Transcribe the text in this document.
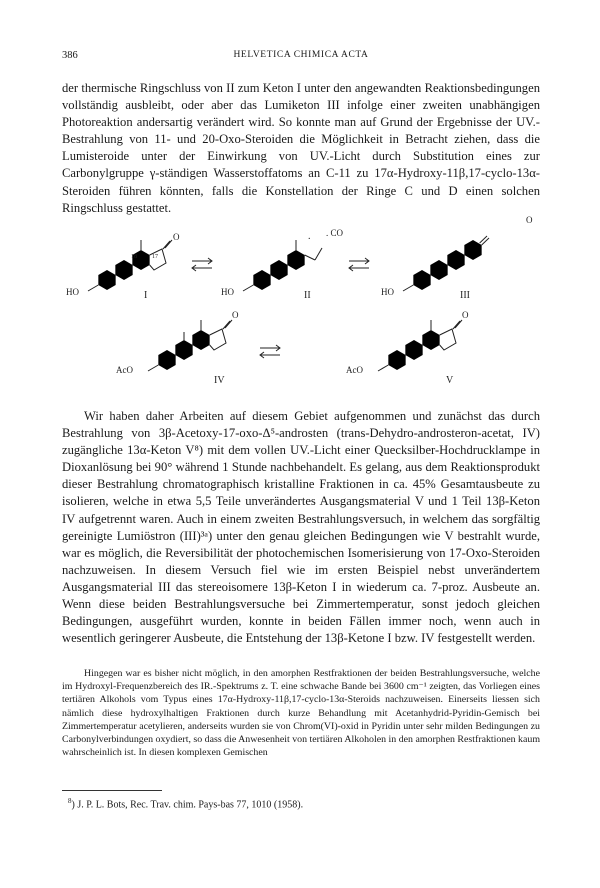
386	HELVETICA CHIMICA ACTA

der thermische Ringschluss von II zum Keton I unter den angewandten Reaktionsbedingungen vollständig ausbleibt, oder aber das Lumiketon III infolge einer zweiten unabhängigen Photoreaktion andersartig verändert wird. So konnte man auf Grund der Ergebnisse der UV.-Bestrahlung von 11- und 20-Oxo-Steroiden die Möglichkeit in Betracht ziehen, dass die Lumisteroide unter der Einwirkung von UV.-Licht durch Substitution eines zur Carbonylgruppe γ-ständigen Wasserstoffatoms an C-11 zu 17α-Hydroxy-11β,17-cyclo-13α-Steroiden führen könnten, falls die Konstellation der Ringe C und D einen solchen Ringschluss gestattet.

HO
O
18	17
I	HO
. CO
.
II	HO
O
III
AcO
O
IV
AcO
O
V

Wir haben daher Arbeiten auf diesem Gebiet aufgenommen und zunächst das durch Bestrahlung von 3β-Acetoxy-17-oxo-Δ⁵-androsten (trans-Dehydro-androsteron-acetat, IV) zugängliche 13α-Keton V⁸) mit dem vollen UV.-Licht einer Quecksilber-Hochdrucklampe in Dioxanlösung bei 90° während 1 Stunde nachbehandelt. Es gelang, aus dem Reaktionsprodukt dieser Bestrahlung chromatographisch kristalline Fraktionen in ca. 45% Gesamtausbeute zu isolieren, welche in etwa 5,5 Teile unverändertes Ausgangsmaterial V und 1 Teil 13β-Keton IV aufgetrennt waren. Auch in einem zweiten Bestrahlungsversuch, in welchem das sorgfältig gereinigte Lumiöstron (III)³ᵃ) unter den genau gleichen Bedingungen wie V bestrahlt wurde, war es möglich, die Reversibilität der photochemischen Isomerisierung von 17-Oxo-Steroiden nachzuweisen. In diesem Versuch fiel wie im ersten Beispiel nebst unverändertem Ausgangsmaterial III das stereoisomere 13β-Keton I in wiederum ca. 7-proz. Ausbeute an. Wenn diese beiden Bestrahlungsversuche bei Zimmertemperatur, sonst jedoch gleichen Bedingungen, ausgeführt wurden, konnte in beiden Fällen immer noch, wenn auch in wesentlich geringerer Ausbeute, die Entstehung der 13β-Ketone I bzw. IV festgestellt werden.

Hingegen war es bisher nicht möglich, in den amorphen Restfraktionen der beiden Bestrahlungsversuche, welche im Hydroxyl-Frequenzbereich des IR.-Spektrums z. T. eine schwache Bande bei 3600 cm⁻¹ zeigten, das Vorliegen eines tertiären Alkohols vom Typus eines 17α-Hydroxy-11β,17-cyclo-13α-Steroids nachzuweisen. Einerseits liessen sich nämlich diese hydroxylhaltigen Fraktionen durch kurze Behandlung mit Acetanhydrid-Pyridin-Gemisch bei Zimmertemperatur acetylieren, anderseits wurden sie von Chrom(VI)-oxid in Pyridin unter sehr milden Bedingungen zu Carbonylverbindungen oxydiert, so dass die Anwesenheit von tertiären Alkoholen in den amorphen Restfraktionen kaum wahrscheinlich ist. In diesen komplexen Gemischen

$^8$) J. P. L. Bots, Rec. Trav. chim. Pays-bas 77, 1010 (1958).
